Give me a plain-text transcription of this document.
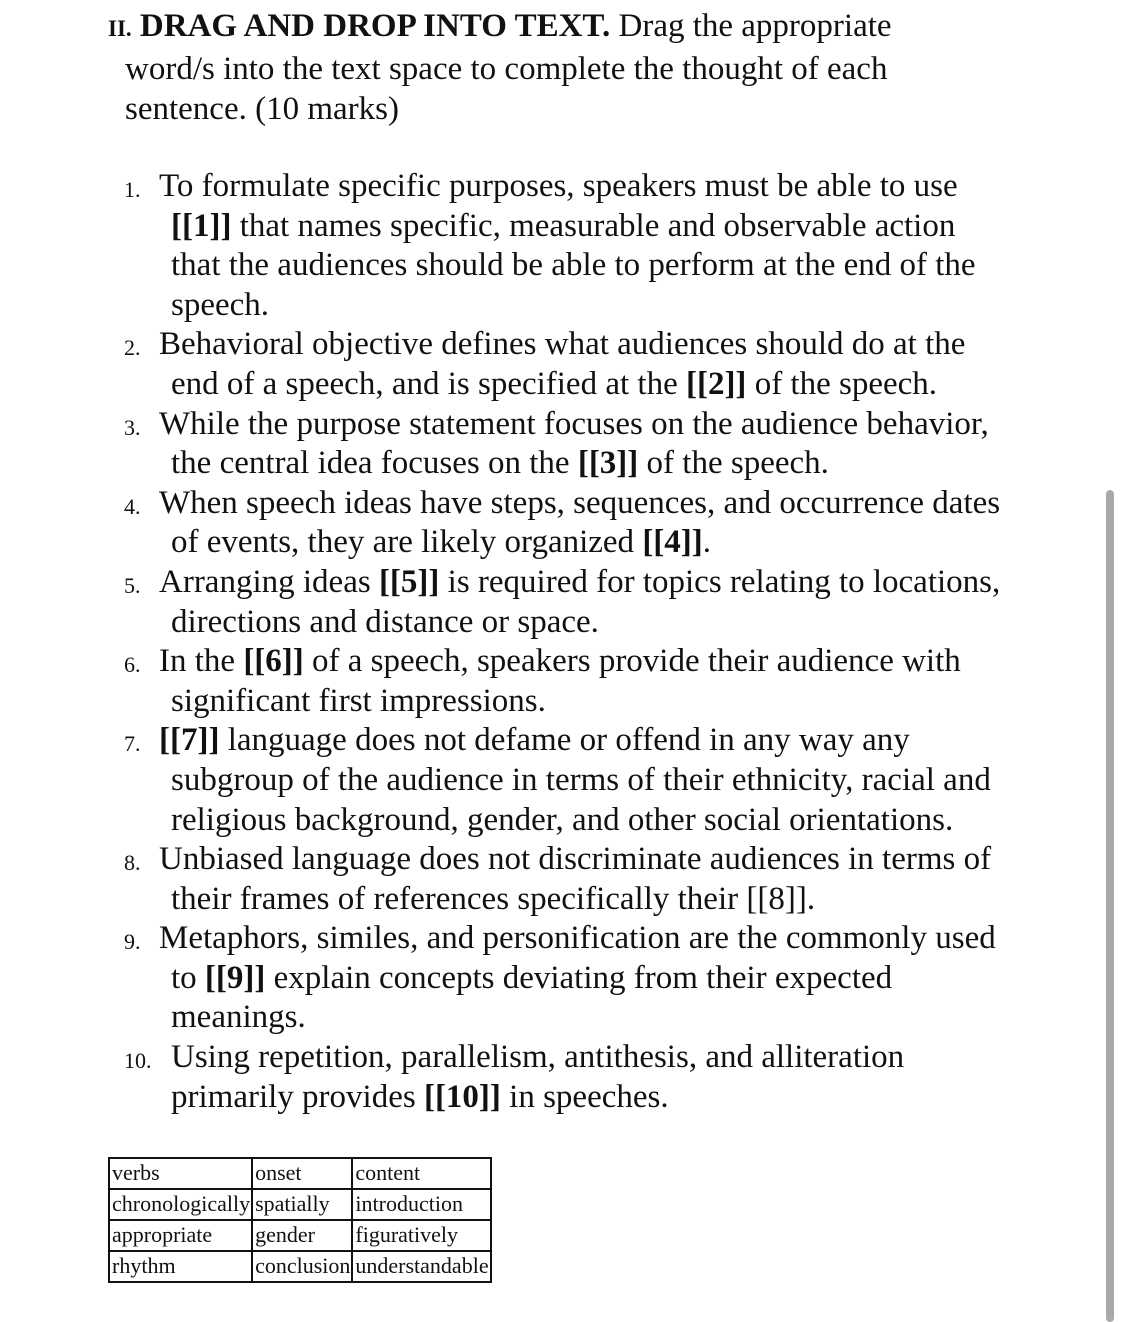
II. DRAG AND DROP INTO TEXT. Drag the appropriate word/s into the text space to complete the thought of each sentence. (10 marks)
1. To formulate specific purposes, speakers must be able to use
[[1]] that names specific, measurable and observable action
that the audiences should be able to perform at the end of the
speech.
2. Behavioral objective defines what audiences should do at the
end of a speech, and is specified at the [[2]] of the speech.
3. While the purpose statement focuses on the audience behavior,
the central idea focuses on the [[3]] of the speech.
4. When speech ideas have steps, sequences, and occurrence dates
of events, they are likely organized [[4]].
5. Arranging ideas [[5]] is required for topics relating to locations,
directions and distance or space.
6. In the [[6]] of a speech, speakers provide their audience with
significant first impressions.
7. [[7]] language does not defame or offend in any way any
subgroup of the audience in terms of their ethnicity, racial and
religious background, gender, and other social orientations.
8. Unbiased language does not discriminate audiences in terms of
their frames of references specifically their [[8]].
9. Metaphors, similes, and personification are the commonly used
to [[9]] explain concepts deviating from their expected
meanings.
10. Using repetition, parallelism, antithesis, and alliteration
primarily provides [[10]] in speeches.
verbs	onset	content
chronologically	spatially	introduction
appropriate	gender	figuratively
rhythm	conclusion	understandable
